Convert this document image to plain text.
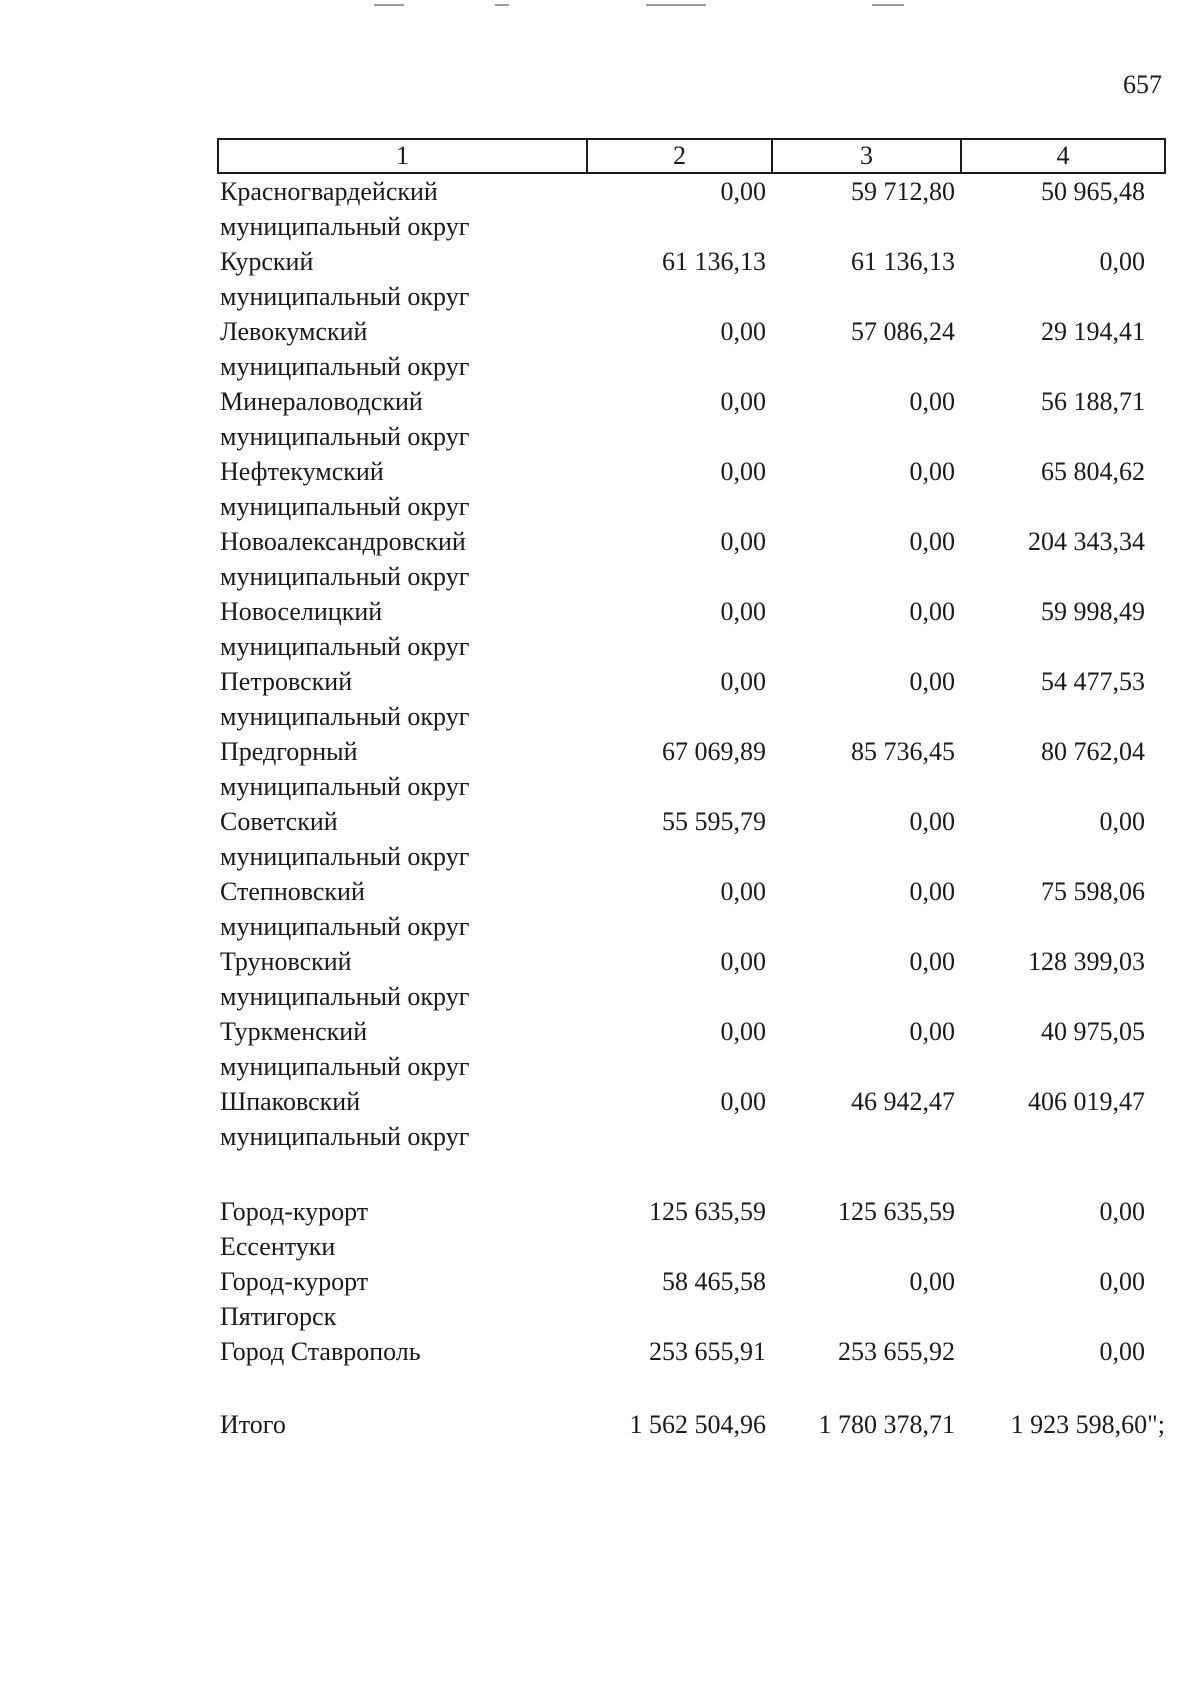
657
1	2	3	4

Красногвардейский
муниципальный округ	0,00	59 712,80	50 965,48

Курский
муниципальный округ	61 136,13	61 136,13	0,00

Левокумский
муниципальный округ	0,00	57 086,24	29 194,41

Минераловодский
муниципальный округ	0,00	0,00	56 188,71

Нефтекумский
муниципальный округ	0,00	0,00	65 804,62

Новоалександровский
муниципальный округ	0,00	0,00	204 343,34

Новоселицкий
муниципальный округ	0,00	0,00	59 998,49

Петровский
муниципальный округ	0,00	0,00	54 477,53

Предгорный
муниципальный округ	67 069,89	85 736,45	80 762,04

Советский
муниципальный округ	55 595,79	0,00	0,00

Степновский
муниципальный округ	0,00	0,00	75 598,06

Труновский
муниципальный округ	0,00	0,00	128 399,03

Туркменский
муниципальный округ	0,00	0,00	40 975,05

Шпаковский
муниципальный округ	0,00	46 942,47	406 019,47

Город-курорт
Ессентуки	125 635,59	125 635,59	0,00

Город-курорт
Пятигорск	58 465,58	0,00	0,00

Город Ставрополь	253 655,91	253 655,92	0,00

Итого	1 562 504,96	1 780 378,71	1 923 598,60";
